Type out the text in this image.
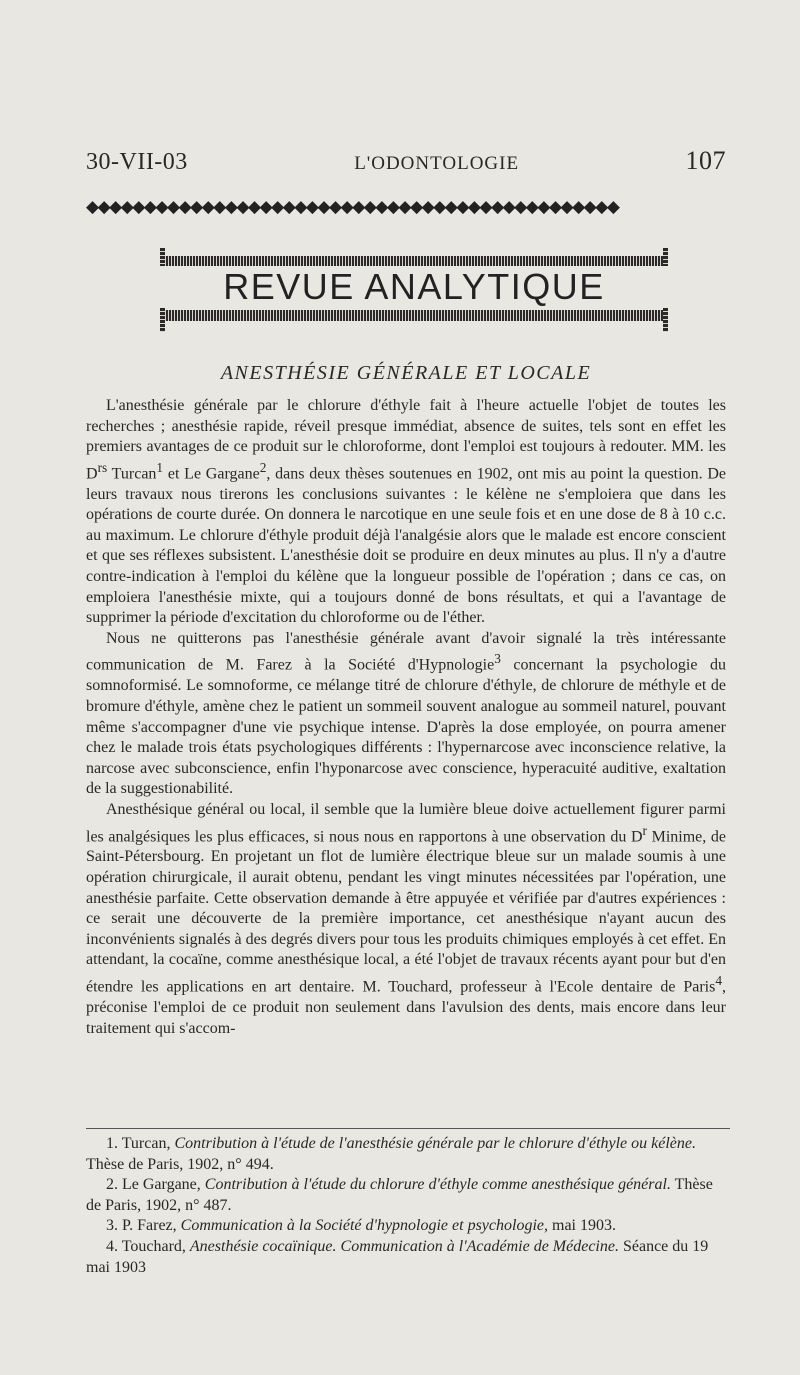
30-VII-03	L'ODONTOLOGIE	107
◆◆◆◆◆◆◆◆◆◆◆◆◆◆◆◆◆◆◆◆◆◆◆◆◆◆◆◆◆◆◆◆◆◆◆◆◆◆◆◆◆◆◆◆◆◆
REVUE ANALYTIQUE
ANESTHÉSIE GÉNÉRALE ET LOCALE

L'anesthésie générale par le chlorure d'éthyle fait à l'heure actuelle l'objet de toutes les recherches ; anesthésie rapide, réveil presque immédiat, absence de suites, tels sont en effet les premiers avantages de ce produit sur le chloroforme, dont l'emploi est toujours à redouter. MM. les $D^{rs}$ Turcan$^1$ et Le Gargane$^2$, dans deux thèses soutenues en 1902, ont mis au point la question. De leurs travaux nous tirerons les conclusions suivantes : le kélène ne s'emploiera que dans les opérations de courte durée. On donnera le narcotique en une seule fois et en une dose de 8 à 10 c.c. au maximum. Le chlorure d'éthyle produit déjà l'analgésie alors que le malade est encore conscient et que ses réflexes subsistent. L'anesthésie doit se produire en deux minutes au plus. Il n'y a d'autre contre-indication à l'emploi du kélène que la longueur possible de l'opération ; dans ce cas, on emploiera l'anesthésie mixte, qui a toujours donné de bons résultats, et qui a l'avantage de supprimer la période d'excitation du chloroforme ou de l'éther.

Nous ne quitterons pas l'anesthésie générale avant d'avoir signalé la très intéressante communication de M. Farez à la Société d'Hypnologie$^3$ concernant la psychologie du somnoformisé. Le somnoforme, ce mélange titré de chlorure d'éthyle, de chlorure de méthyle et de bromure d'éthyle, amène chez le patient un sommeil souvent analogue au sommeil naturel, pouvant même s'accompagner d'une vie psychique intense. D'après la dose employée, on pourra amener chez le malade trois états psychologiques différents : l'hypernarcose avec inconscience relative, la narcose avec subconscience, enfin l'hyponarcose avec conscience, hyperacuité auditive, exaltation de la suggestionabilité.

Anesthésique général ou local, il semble que la lumière bleue doive actuellement figurer parmi les analgésiques les plus efficaces, si nous nous en rapportons à une observation du $D^r$ Minime, de Saint-Pétersbourg. En projetant un flot de lumière électrique bleue sur un malade soumis à une opération chirurgicale, il aurait obtenu, pendant les vingt minutes nécessitées par l'opération, une anesthésie parfaite. Cette observation demande à être appuyée et vérifiée par d'autres expériences : ce serait une découverte de la première importance, cet anesthésique n'ayant aucun des inconvénients signalés à des degrés divers pour tous les produits chimiques employés à cet effet. En attendant, la cocaïne, comme anesthésique local, a été l'objet de travaux récents ayant pour but d'en étendre les applications en art dentaire. M. Touchard, professeur à l'Ecole dentaire de Paris$^4$, préconise l'emploi de ce produit non seulement dans l'avulsion des dents, mais encore dans leur traitement qui s'accom-

1. Turcan, Contribution à l'étude de l'anesthésie générale par le chlorure d'éthyle ou kélène. Thèse de Paris, 1902, n° 494.

2. Le Gargane, Contribution à l'étude du chlorure d'éthyle comme anesthésique général. Thèse de Paris, 1902, n° 487.

3. P. Farez, Communication à la Société d'hypnologie et psychologie, mai 1903.

4. Touchard, Anesthésie cocaïnique. Communication à l'Académie de Médecine. Séance du 19 mai 1903
